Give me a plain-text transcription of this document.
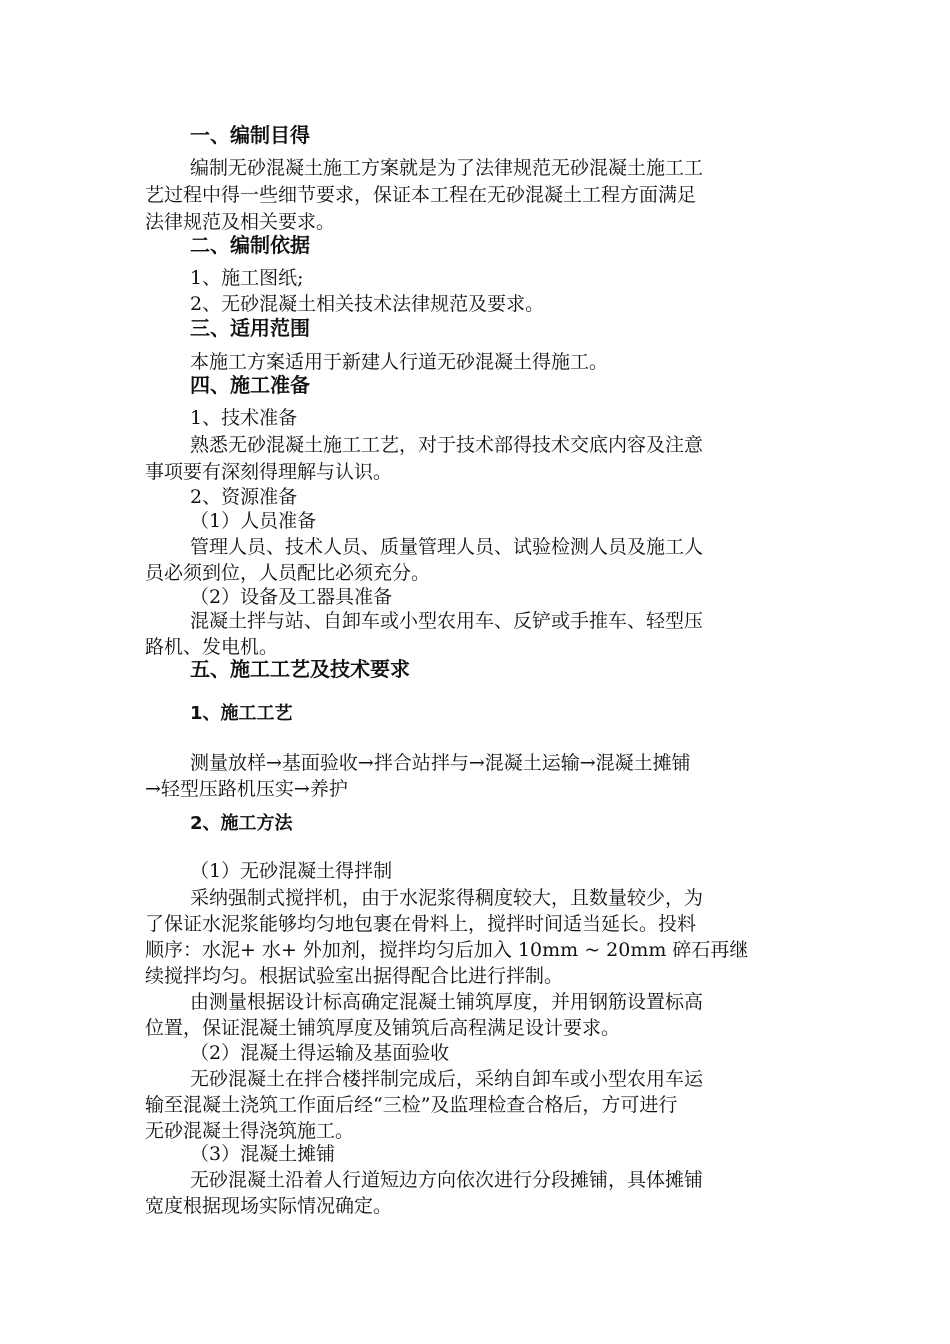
一、编制目得
编制无砂混凝土施工方案就是为了法律规范无砂混凝土施工工
艺过程中得一些细节要求，保证本工程在无砂混凝土工程方面满足
法律规范及相关要求。
二、编制依据
1、施工图纸;
2、无砂混凝土相关技术法律规范及要求。
三、适用范围
本施工方案适用于新建人行道无砂混凝土得施工。
四、施工准备
1、技术准备
熟悉无砂混凝土施工工艺，对于技术部得技术交底内容及注意
事项要有深刻得理解与认识。
2、资源准备
（1）人员准备
管理人员、技术人员、质量管理人员、试验检测人员及施工人
员必须到位，人员配比必须充分。
（2）设备及工器具准备
混凝土拌与站、自卸车或小型农用车、反铲或手推车、轻型压
路机、发电机。
五、施工工艺及技术要求
1、施工工艺
测量放样→基面验收→拌合站拌与→混凝土运输→混凝土摊铺
→轻型压路机压实→养护
2、施工方法
（1）无砂混凝土得拌制
采纳强制式搅拌机，由于水泥浆得稠度较大，且数量较少，为
了保证水泥浆能够均匀地包裹在骨料上，搅拌时间适当延长。投料
顺序：水泥+ 水+ 外加剂，搅拌均匀后加入 10mm ~ 20mm 碎石再继
续搅拌均匀。根据试验室出据得配合比进行拌制。
由测量根据设计标高确定混凝土铺筑厚度，并用钢筋设置标高
位置，保证混凝土铺筑厚度及铺筑后高程满足设计要求。
（2）混凝土得运输及基面验收
无砂混凝土在拌合楼拌制完成后，采纳自卸车或小型农用车运
输至混凝土浇筑工作面后经“三检”及监理检查合格后，方可进行
无砂混凝土得浇筑施工。
（3）混凝土摊铺
无砂混凝土沿着人行道短边方向依次进行分段摊铺，具体摊铺
宽度根据现场实际情况确定。
